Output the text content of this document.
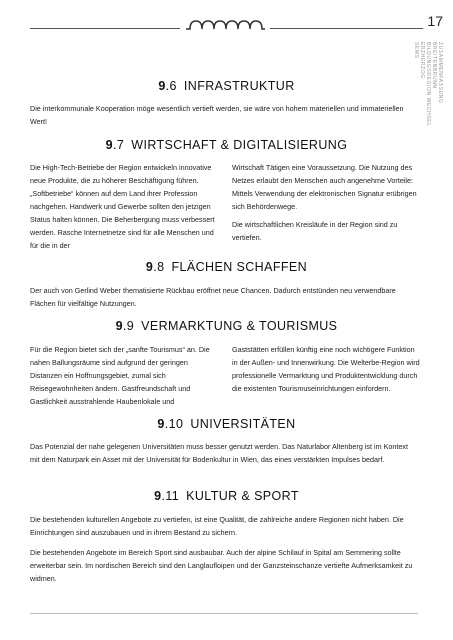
17
ZUSAMMENFASSUNG
BREITENBRUNN
BILDUNGSREGION WECHSEL ERZHERZOG
SEMS
9.6 INFRASTRUKTUR
Die interkommunale Kooperation möge wesentlich vertieft werden, sie wäre von hohem materiellen und immateriellen Wert!
9.7 WIRTSCHAFT & DIGITALISIERUNG

Die High-Tech-Betriebe der Region entwickeln innovative neue Produkte, die zu höherer Beschäftigung führen. „Softbetriebe“ können auf dem Land ihrer Profession nachgehen. Handwerk und Gewerbe sollten den jetzigen Status halten können. Die Beherbergung muss verbessert werden. Rasche Internetnetze sind für alle Menschen und für die in der

Wirtschaft Tätigen eine Voraussetzung. Die Nutzung des Netzes erlaubt den Menschen auch angenehme Vorteile: Mittels Verwendung der elektronischen Signatur erübrigen sich Behördenwege.

Die wirtschaftlichen Kreisläufe in der Region sind zu vertiefen.

9.8 FLÄCHEN SCHAFFEN
Der auch von Gerlind Weber thematisierte Rückbau eröffnet neue Chancen. Dadurch entstünden neu verwendbare Flächen für vielfältige Nutzungen.
9.9 VERMARKTUNG & TOURISMUS

Für die Region bietet sich der „sanfte Tourismus“ an. Die nahen Ballungsräume sind aufgrund der geringen Distanzen ein Hoffnungsgebiet, zumal sich Reisegewohnheiten ändern. Gastfreundschaft und Gastlichkeit ausstrahlende Haubenlokale und

Gaststätten erfüllen künftig eine noch wichtigere Funktion in der Außen- und Innenwirkung. Die Welterbe-Region wird professionelle Vermarktung und Produktentwicklung durch die existenten Tourismuseinrichtungen einfordern.

9.10 UNIVERSITÄTEN
Das Potenzial der nahe gelegenen Universitäten muss besser genutzt werden. Das Naturlabor Altenberg ist im Kontext mit dem Naturpark ein Asset mit der Universität für Bodenkultur in Wien, das eines verstärkten Impulses bedarf.
9.11 KULTUR & SPORT
Die bestehenden kulturellen Angebote zu vertiefen, ist eine Qualität, die zahlreiche andere Regionen nicht haben. Die Einrichtungen sind auszubauen und in ihrem Bestand zu sichern.
Die bestehenden Angebote im Bereich Sport sind ausbaubar. Auch der alpine Schilauf in Spital am Semmering sollte erweiterbar sein. Im nordischen Bereich sind den Langlaufloipen und der Ganzsteinschanze vertiefte Aufmerksamkeit zu widmen.
